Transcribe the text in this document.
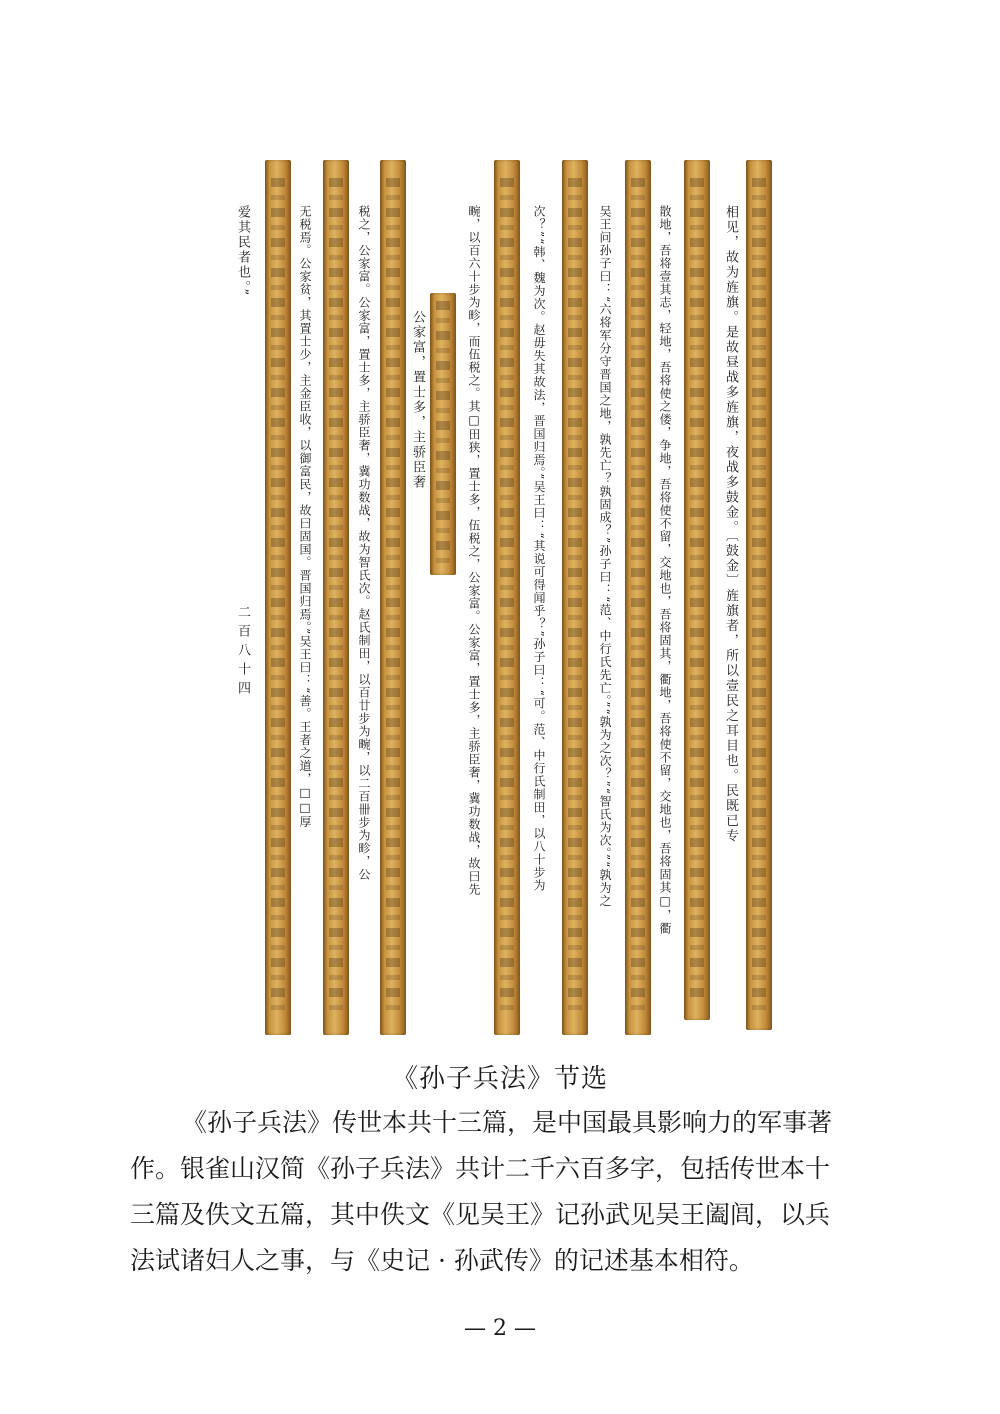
相见，故为旌旗。是故昼战多旌旗，夜战多鼓金。〔鼓金〕旌旗者，所以壹民之耳目也。民既已专
散地，吾将壹其志，轻地，吾将使之偻，争地，吾将使不留，交地也，吾将固其，衢地，吾将使不留，交地也，吾将固其□，衢
吴王问孙子曰：“六将军分守晋国之地，孰先亡？孰固成？”孙子曰：“范、中行氏先亡。”“孰为之次？”“智氏为次。”“孰为之
次？”“韩、魏为次。赵毋失其故法，晋国归焉。”吴王曰：“其说可得闻乎？”孙子曰：“可。范、中行氏制田，以八十步为
畹，以百六十步为畛，而伍税之。其□田狭，置士多，伍税之，公家富。公家富，置士多，主骄臣奢，冀功数战，故曰先
公家富，置士多，主骄臣奢
税之，公家富。公家富，置士多，主骄臣奢，冀功数战，故为智氏次。赵氏制田，以百廿步为畹，以二百卌步为畛，公
无税焉。公家贫，其置士少，主金臣收，以御富民，故曰固国。晋国归焉。”吴王曰：“善。王者之道，□□厚
爱其民者也。”
二百八十四
《孙子兵法》节选
《孙子兵法》传世本共十三篇，是中国最具影响力的军事著
作。银雀山汉简《孙子兵法》共计二千六百多字，包括传世本十
三篇及佚文五篇，其中佚文《见吴王》记孙武见吴王阖闾，以兵
法试诸妇人之事，与《史记 · 孙武传》的记述基本相符。
— 2 —
